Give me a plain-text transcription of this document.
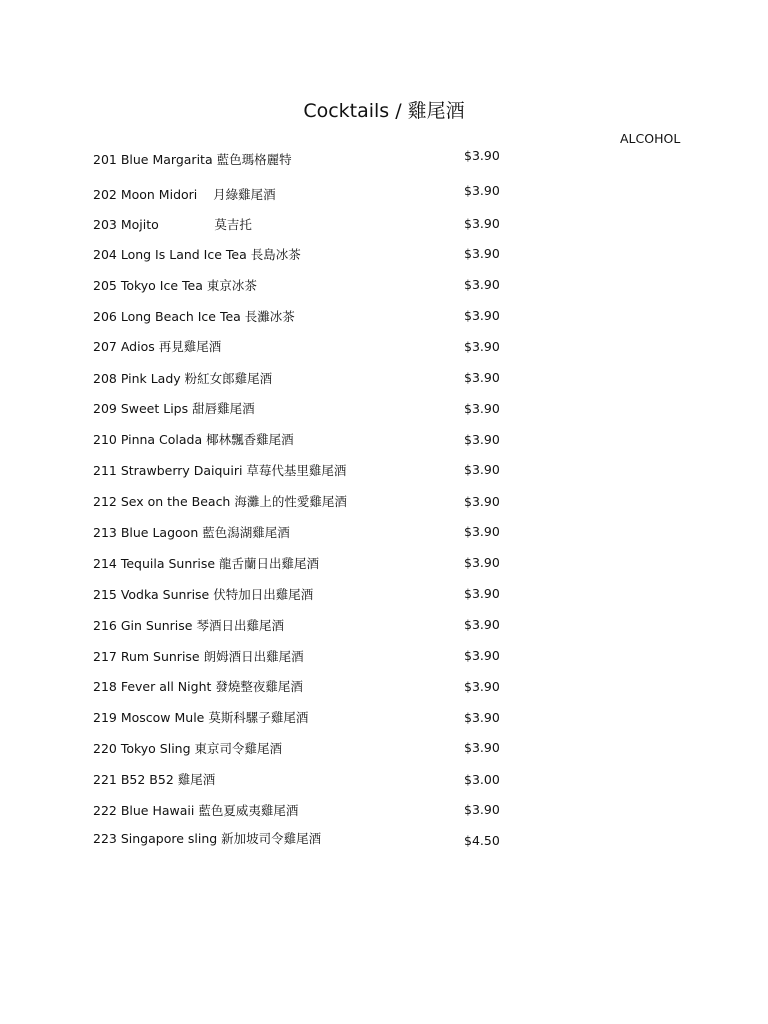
Cocktails / 雞尾酒
ALCOHOL
201 Blue Margarita 藍色瑪格麗特	$3.90
202 Moon Midori    月綠雞尾酒	$3.90
203 Mojito              莫吉托	$3.90
204 Long Is Land Ice Tea 長島冰茶	$3.90
205 Tokyo Ice Tea 東京冰茶	$3.90
206 Long Beach Ice Tea 長灘冰茶	$3.90
207 Adios 再見雞尾酒	$3.90
208 Pink Lady 粉紅女郎雞尾酒	$3.90
209 Sweet Lips 甜唇雞尾酒	$3.90
210 Pinna Colada 椰林飄香雞尾酒	$3.90
211 Strawberry Daiquiri 草莓代基里雞尾酒	$3.90
212 Sex on the Beach 海灘上的性愛雞尾酒	$3.90
213 Blue Lagoon 藍色潟湖雞尾酒	$3.90
214 Tequila Sunrise 龍舌蘭日出雞尾酒	$3.90
215 Vodka Sunrise 伏特加日出雞尾酒	$3.90
216 Gin Sunrise 琴酒日出雞尾酒	$3.90
217 Rum Sunrise 朗姆酒日出雞尾酒	$3.90
218 Fever all Night 發燒整夜雞尾酒	$3.90
219 Moscow Mule 莫斯科騾子雞尾酒	$3.90
220 Tokyo Sling 東京司令雞尾酒	$3.90
221 B52 B52 雞尾酒	$3.00
222 Blue Hawaii 藍色夏威夷雞尾酒	$3.90
223 Singapore sling 新加坡司令雞尾酒	$4.50
